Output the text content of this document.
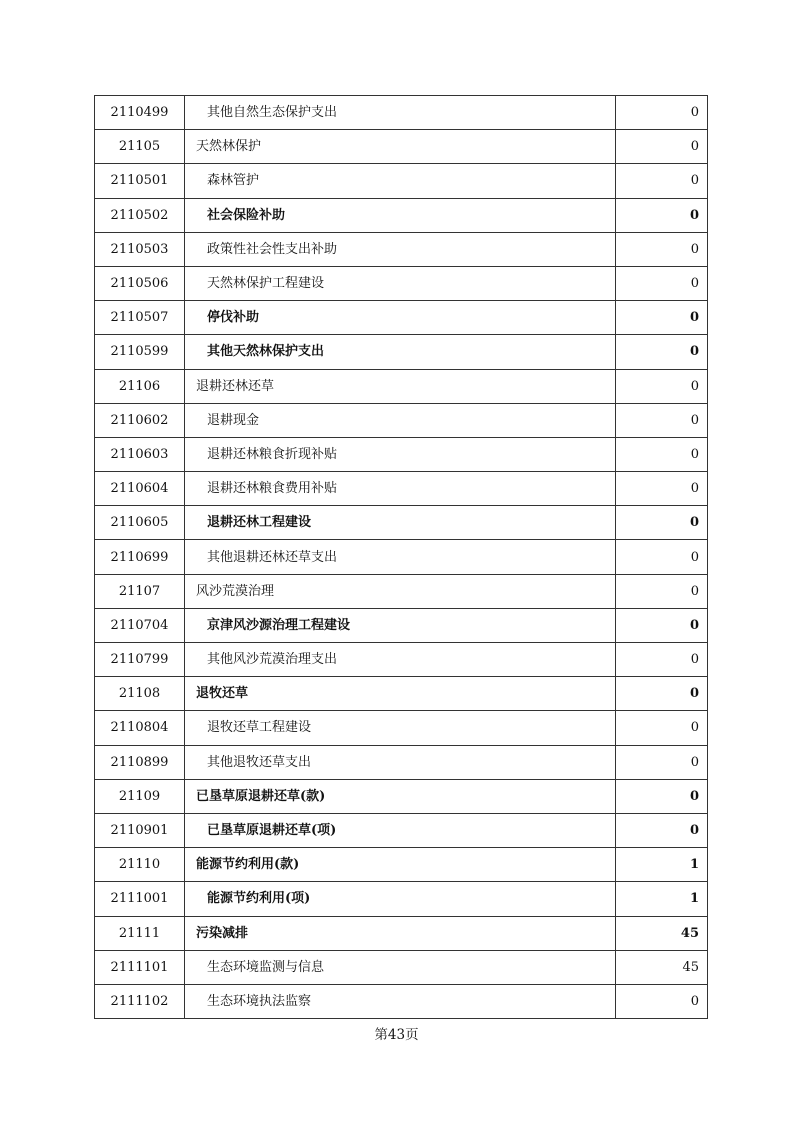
2110499	其他自然生态保护支出	0
21105	天然林保护	0
2110501	森林管护	0
2110502	社会保险补助	0
2110503	政策性社会性支出补助	0
2110506	天然林保护工程建设	0
2110507	停伐补助	0
2110599	其他天然林保护支出	0
21106	退耕还林还草	0
2110602	退耕现金	0
2110603	退耕还林粮食折现补贴	0
2110604	退耕还林粮食费用补贴	0
2110605	退耕还林工程建设	0
2110699	其他退耕还林还草支出	0
21107	风沙荒漠治理	0
2110704	京津风沙源治理工程建设	0
2110799	其他风沙荒漠治理支出	0
21108	退牧还草	0
2110804	退牧还草工程建设	0
2110899	其他退牧还草支出	0
21109	已垦草原退耕还草(款)	0
2110901	已垦草原退耕还草(项)	0
21110	能源节约利用(款)	1
2111001	能源节约利用(项)	1
21111	污染减排	45
2111101	生态环境监测与信息	45
2111102	生态环境执法监察	0
第43页
